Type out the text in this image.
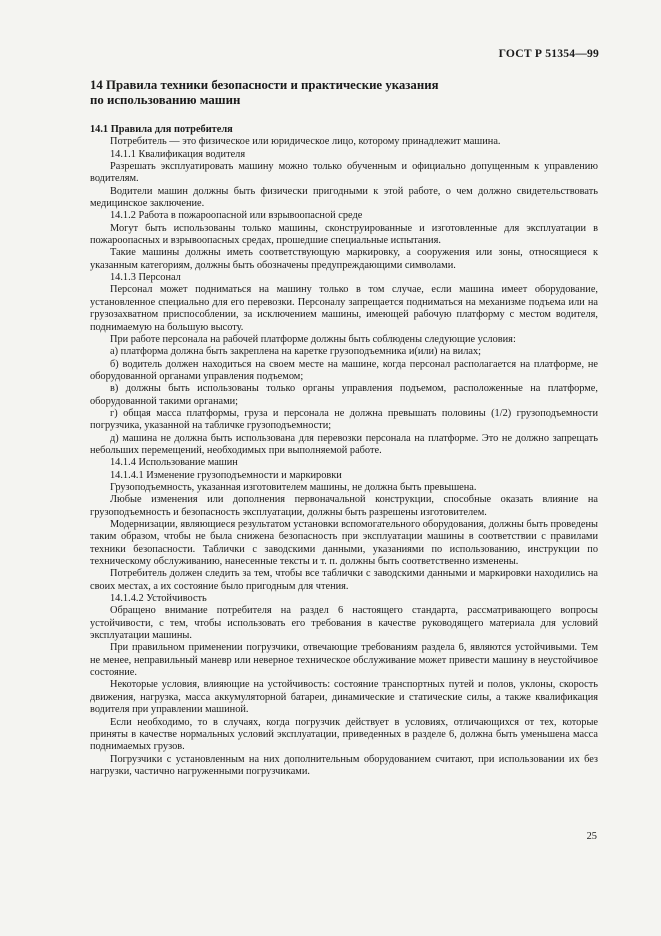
ГОСТ Р 51354—99
14 Правила техники безопасности и практические указания
по использованию машин

14.1 Правила для потребителя

Потребитель — это физическое или юридическое лицо, которому принадлежит машина.

14.1.1 Квалификация водителя

Разрешать эксплуатировать машину можно только обученным и официально допущенным к управлению водителям.

Водители машин должны быть физически пригодными к этой работе, о чем должно свидетельствовать медицинское заключение.

14.1.2 Работа в пожароопасной или взрывоопасной среде

Могут быть использованы только машины, сконструированные и изготовленные для эксплуатации в пожароопасных и взрывоопасных средах, прошедшие специальные испытания.

Такие машины должны иметь соответствующую маркировку, а сооружения или зоны, относящиеся к указанным категориям, должны быть обозначены предупреждающими символами.

14.1.3 Персонал

Персонал может подниматься на машину только в том случае, если машина имеет оборудование, установленное специально для его перевозки. Персоналу запрещается подниматься на механизме подъема или на грузозахватном приспособлении, за исключением машины, имеющей рабочую платформу с местом водителя, поднимаемую на большую высоту.

При работе персонала на рабочей платформе должны быть соблюдены следующие условия:

а) платформа должна быть закреплена на каретке грузоподъемника и(или) на вилах;

б) водитель должен находиться на своем месте на машине, когда персонал располагается на платформе, не оборудованной органами управления подъемом;

в) должны быть использованы только органы управления подъемом, расположенные на платформе, оборудованной такими органами;

г) общая масса платформы, груза и персонала не должна превышать половины (1/2) грузоподъемности погрузчика, указанной на табличке грузоподъемности;

д) машина не должна быть использована для перевозки персонала на платформе. Это не должно запрещать небольших перемещений, необходимых при выполняемой работе.

14.1.4 Использование машин

14.1.4.1 Изменение грузоподъемности и маркировки

Грузоподъемность, указанная изготовителем машины, не должна быть превышена.

Любые изменения или дополнения первоначальной конструкции, способные оказать влияние на грузоподъемность и безопасность эксплуатации, должны быть разрешены изготовителем.

Модернизации, являющиеся результатом установки вспомогательного оборудования, должны быть проведены таким образом, чтобы не была снижена безопасность при эксплуатации машины в соответствии с правилами техники безопасности. Таблички с заводскими данными, указаниями по использованию, инструкции по техническому обслуживанию, нанесенные тексты и т. п. должны быть соответственно изменены.

Потребитель должен следить за тем, чтобы все таблички с заводскими данными и маркировки находились на своих местах, а их состояние было пригодным для чтения.

14.1.4.2 Устойчивость

Обращено внимание потребителя на раздел 6 настоящего стандарта, рассматривающего вопросы устойчивости, с тем, чтобы использовать его требования в качестве руководящего материала для условий эксплуатации машины.

При правильном применении погрузчики, отвечающие требованиям раздела 6, являются устойчивыми. Тем не менее, неправильный маневр или неверное техническое обслуживание может привести машину в неустойчивое состояние.

Некоторые условия, влияющие на устойчивость: состояние транспортных путей и полов, уклоны, скорость движения, нагрузка, масса аккумуляторной батареи, динамические и статические силы, а также квалификация водителя при управлении машиной.

Если необходимо, то в случаях, когда погрузчик действует в условиях, отличающихся от тех, которые приняты в качестве нормальных условий эксплуатации, приведенных в разделе 6, должна быть уменьшена масса поднимаемых грузов.

Погрузчики с установленным на них дополнительным оборудованием считают, при использовании их без нагрузки, частично нагруженными погрузчиками.

25
